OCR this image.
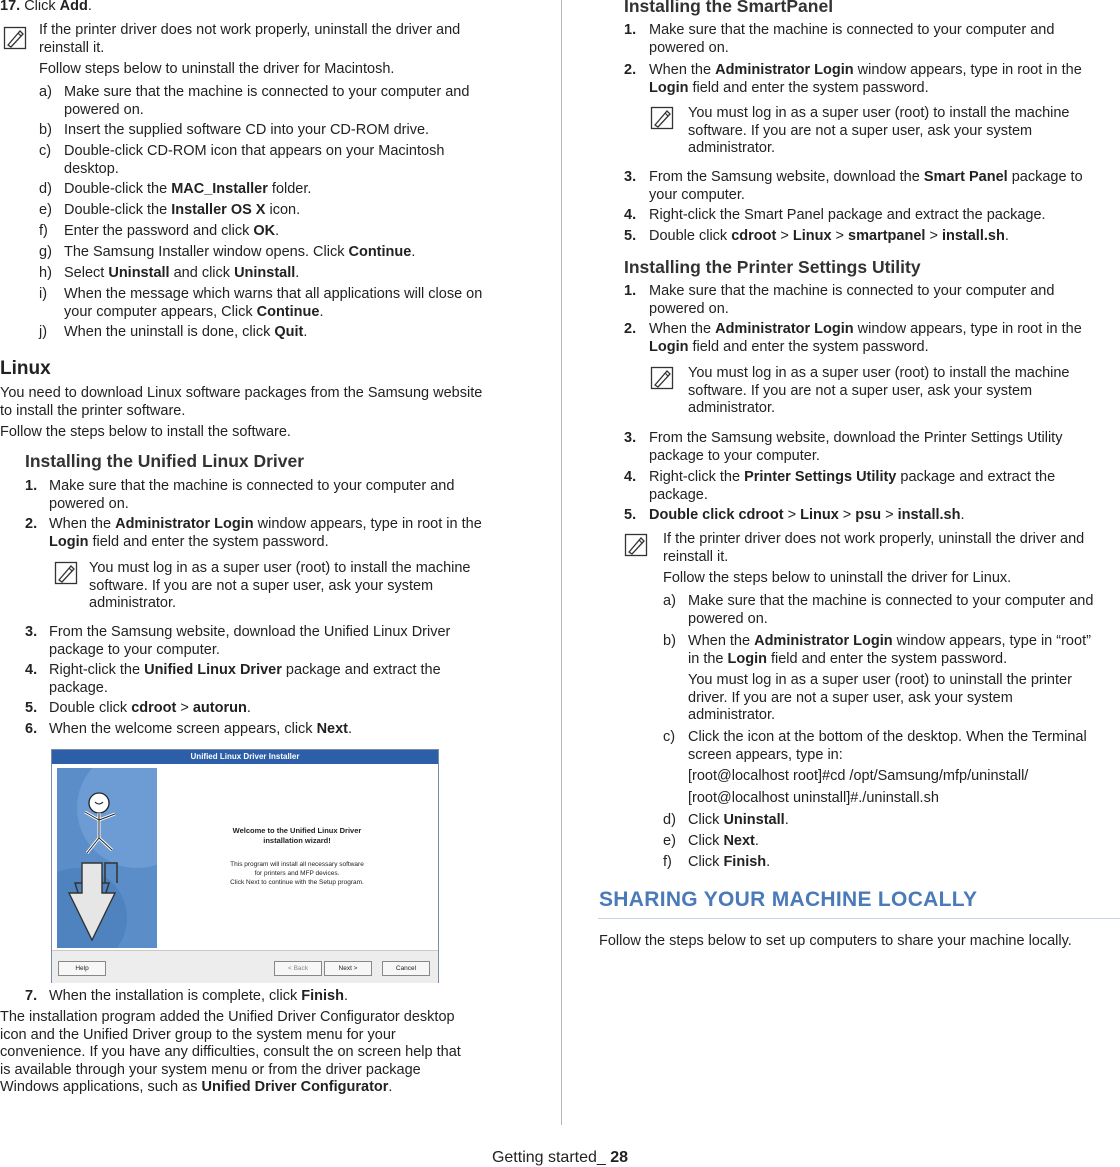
17. Click Add.
If the printer driver does not work properly, uninstall the driver and
reinstall it.
Follow steps below to uninstall the driver for Macintosh.
a) Make sure that the machine is connected to your computer and
powered on.
b) Insert the supplied software CD into your CD-ROM drive.
c) Double-click CD-ROM icon that appears on your Macintosh
desktop.
d) Double-click the MAC_Installer folder.
e) Double-click the Installer OS X icon.
f) Enter the password and click OK.
g) The Samsung Installer window opens. Click Continue.
h) Select Uninstall and click Uninstall.
i) When the message which warns that all applications will close on
your computer appears, Click Continue.
j) When the uninstall is done, click Quit.
Linux
You need to download Linux software packages from the Samsung website
to install the printer software.
Follow the steps below to install the software.
Installing the Unified Linux Driver
1. Make sure that the machine is connected to your computer and
powered on.
2. When the Administrator Login window appears, type in root in the
Login field and enter the system password.
You must log in as a super user (root) to install the machine
software. If you are not a super user, ask your system
administrator.
3. From the Samsung website, download the Unified Linux Driver
package to your computer.
4. Right-click the Unified Linux Driver package and extract the
package.
5. Double click cdroot > autorun.
6. When the welcome screen appears, click Next.
Unified Linux Driver Installer
Welcome to the Unified Linux Driver
installation wizard!
This program will install all necessary software
for printers and MFP devices.
Click Next to continue with the Setup program.
Help	< Back	Next >	Cancel
7. When the installation is complete, click Finish.
The installation program added the Unified Driver Configurator desktop
icon and the Unified Driver group to the system menu for your
convenience. If you have any difficulties, consult the on screen help that
is available through your system menu or from the driver package
Windows applications, such as Unified Driver Configurator.
Installing the SmartPanel
1. Make sure that the machine is connected to your computer and
powered on.
2. When the Administrator Login window appears, type in root in the
Login field and enter the system password.
You must log in as a super user (root) to install the machine
software. If you are not a super user, ask your system
administrator.
3. From the Samsung website, download the Smart Panel package to
your computer.
4. Right-click the Smart Panel package and extract the package.
5. Double click cdroot > Linux > smartpanel > install.sh.
Installing the Printer Settings Utility
1. Make sure that the machine is connected to your computer and
powered on.
2. When the Administrator Login window appears, type in root in the
Login field and enter the system password.
You must log in as a super user (root) to install the machine
software. If you are not a super user, ask your system
administrator.
3. From the Samsung website, download the Printer Settings Utility
package to your computer.
4. Right-click the Printer Settings Utility package and extract the
package.
5. Double click cdroot > Linux > psu > install.sh.
If the printer driver does not work properly, uninstall the driver and
reinstall it.
Follow the steps below to uninstall the driver for Linux.
a) Make sure that the machine is connected to your computer and
powered on.
b) When the Administrator Login window appears, type in “root”
in the Login field and enter the system password.
You must log in as a super user (root) to uninstall the printer
driver. If you are not a super user, ask your system
administrator.
c) Click the icon at the bottom of the desktop. When the Terminal
screen appears, type in:
[root@localhost root]#cd /opt/Samsung/mfp/uninstall/
[root@localhost uninstall]#./uninstall.sh
d) Click Uninstall.
e) Click Next.
f) Click Finish.
SHARING YOUR MACHINE LOCALLY
Follow the steps below to set up computers to share your machine locally.
Getting started_ 28
